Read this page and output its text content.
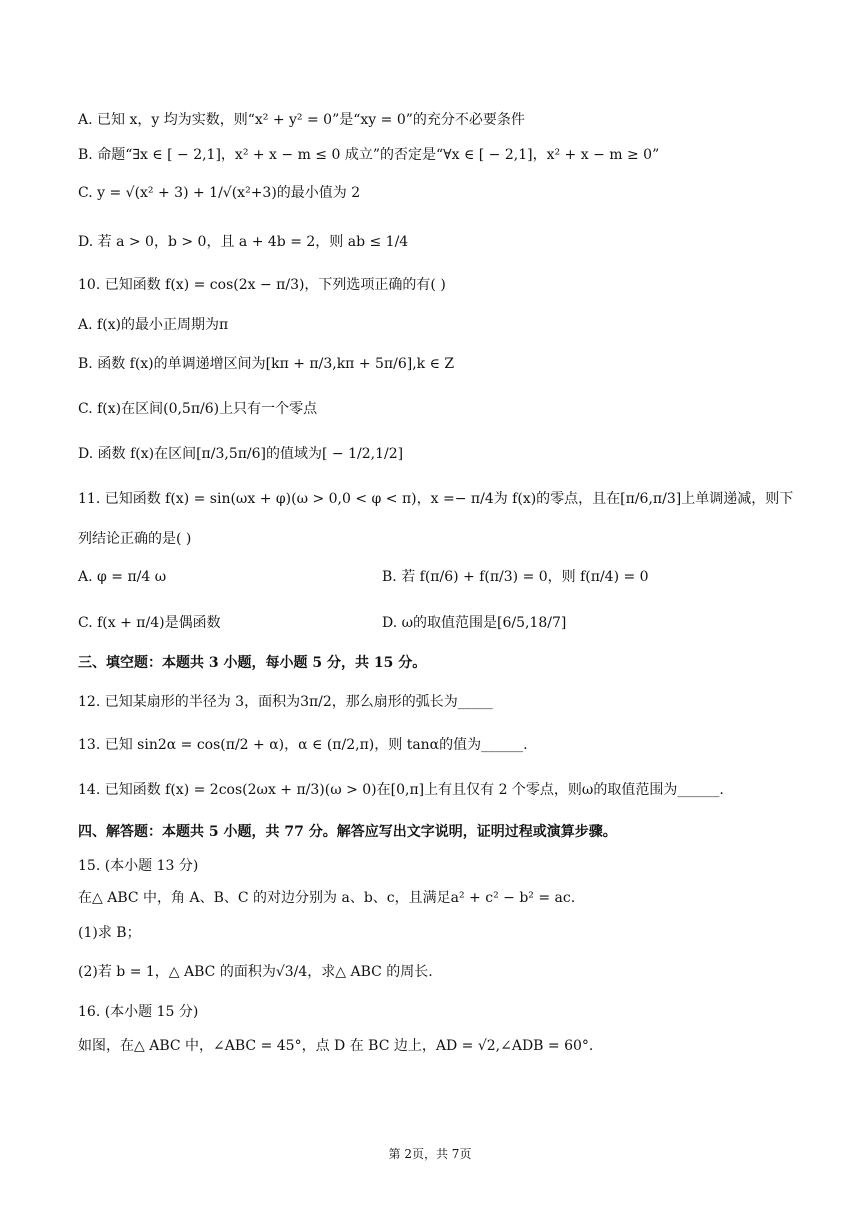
A. 已知 x，y 均为实数，则“x² + y² = 0”是“xy = 0”的充分不必要条件
B. 命题“∃x ∈ [ − 2,1]，x² + x − m ≤ 0 成立”的否定是“∀x ∈ [ − 2,1]，x² + x − m ≥ 0”
C. y = √(x² + 3) + 1/√(x²+3)的最小值为 2
D. 若 a > 0，b > 0，且 a + 4b = 2，则 ab ≤ 1/4
10. 已知函数 f(x) = cos(2x − π/3)，下列选项正确的有( )
A. f(x)的最小正周期为π
B. 函数 f(x)的单调递增区间为[kπ + π/3,kπ + 5π/6],k ∈ Z
C. f(x)在区间(0,5π/6)上只有一个零点
D. 函数 f(x)在区间[π/3,5π/6]的值域为[ − 1/2,1/2]
11. 已知函数 f(x) = sin(ωx + φ)(ω > 0,0 < φ < π)，x =− π/4为 f(x)的零点，且在[π/6,π/3]上单调递减，则下
列结论正确的是( )
A. φ = π/4 ω	B. 若 f(π/6) + f(π/3) = 0，则 f(π/4) = 0
C. f(x + π/4)是偶函数	D. ω的取值范围是[6/5,18/7]
三、填空题：本题共 3 小题，每小题 5 分，共 15 分。
12. 已知某扇形的半径为 3，面积为3π/2，那么扇形的弧长为_____
13. 已知 sin2α = cos(π/2 + α)，α ∈ (π/2,π)，则 tanα的值为______.
14. 已知函数 f(x) = 2cos(2ωx + π/3)(ω > 0)在[0,π]上有且仅有 2 个零点，则ω的取值范围为______.
四、解答题：本题共 5 小题，共 77 分。解答应写出文字说明，证明过程或演算步骤。
15. (本小题 13 分)
在△ ABC 中，角 A、B、C 的对边分别为 a、b、c，且满足a² + c² − b² = ac.
(1)求 B；
(2)若 b = 1，△ ABC 的面积为√3/4，求△ ABC 的周长.
16. (本小题 15 分)
如图，在△ ABC 中，∠ABC = 45°，点 D 在 BC 边上，AD = √2,∠ADB = 60°.
第 2页，共 7页
